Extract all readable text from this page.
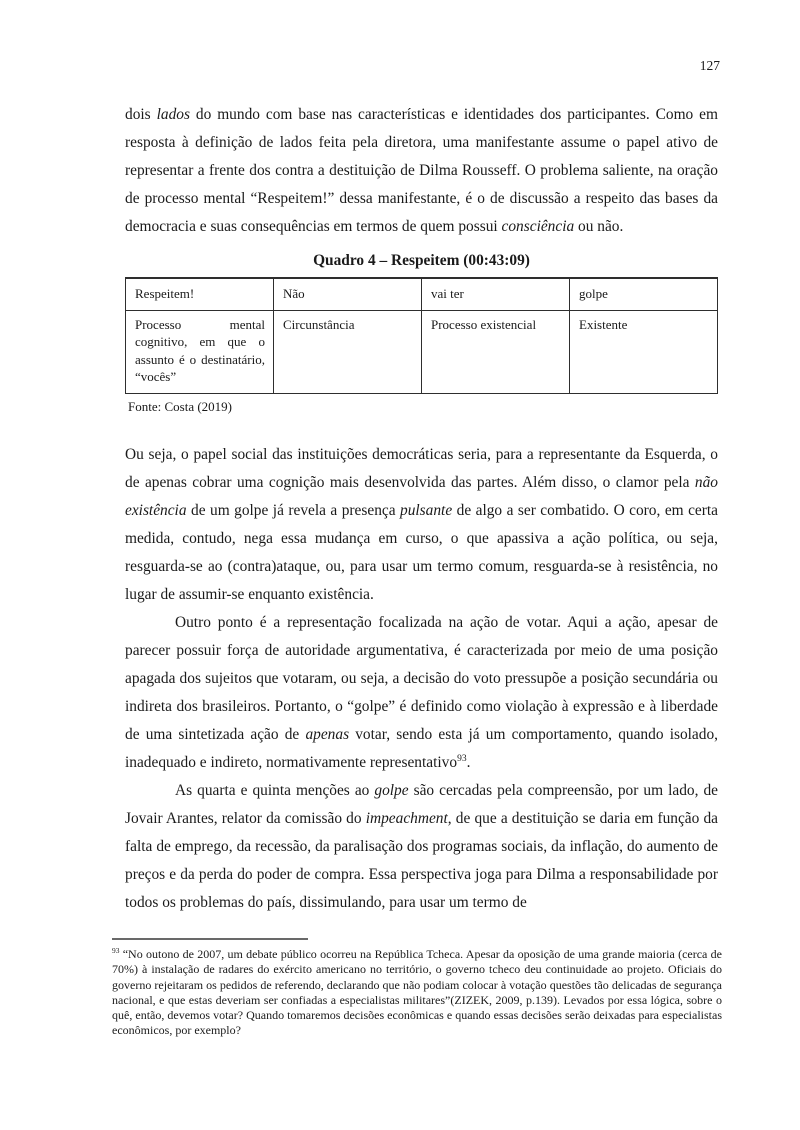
127

dois lados do mundo com base nas características e identidades dos participantes. Como em resposta à definição de lados feita pela diretora, uma manifestante assume o papel ativo de representar a frente dos contra a destituição de Dilma Rousseff. O problema saliente, na oração de processo mental “Respeitem!” dessa manifestante, é o de discussão a respeito das bases da democracia e suas consequências em termos de quem possui consciência ou não.

Quadro 4 – Respeitem (00:43:09)
Respeitem!	Não	vai ter	golpe
Processo mental cognitivo, em que o assunto é o destinatário, “vocês”	Circunstância	Processo existencial	Existente
Fonte: Costa (2019)

Ou seja, o papel social das instituições democráticas seria, para a representante da Esquerda, o de apenas cobrar uma cognição mais desenvolvida das partes. Além disso, o clamor pela não existência de um golpe já revela a presença pulsante de algo a ser combatido. O coro, em certa medida, contudo, nega essa mudança em curso, o que apassiva a ação política, ou seja, resguarda-se ao (contra)ataque, ou, para usar um termo comum, resguarda-se à resistência, no lugar de assumir-se enquanto existência.

Outro ponto é a representação focalizada na ação de votar. Aqui a ação, apesar de parecer possuir força de autoridade argumentativa, é caracterizada por meio de uma posição apagada dos sujeitos que votaram, ou seja, a decisão do voto pressupõe a posição secundária ou indireta dos brasileiros. Portanto, o “golpe” é definido como violação à expressão e à liberdade de uma sintetizada ação de apenas votar, sendo esta já um comportamento, quando isolado, inadequado e indireto, normativamente representativo$^{93}$.

As quarta e quinta menções ao golpe são cercadas pela compreensão, por um lado, de Jovair Arantes, relator da comissão do impeachment, de que a destituição se daria em função da falta de emprego, da recessão, da paralisação dos programas sociais, da inflação, do aumento de preços e da perda do poder de compra. Essa perspectiva joga para Dilma a responsabilidade por todos os problemas do país, dissimulando, para usar um termo de

$^{93}$ “No outono de 2007, um debate público ocorreu na República Tcheca. Apesar da oposição de uma grande maioria (cerca de 70%) à instalação de radares do exército americano no território, o governo tcheco deu continuidade ao projeto. Oficiais do governo rejeitaram os pedidos de referendo, declarando que não podiam colocar à votação questões tão delicadas de segurança nacional, e que estas deveriam ser confiadas a especialistas militares”(ZIZEK, 2009, p.139). Levados por essa lógica, sobre o quê, então, devemos votar? Quando tomaremos decisões econômicas e quando essas decisões serão deixadas para especialistas econômicos, por exemplo?
